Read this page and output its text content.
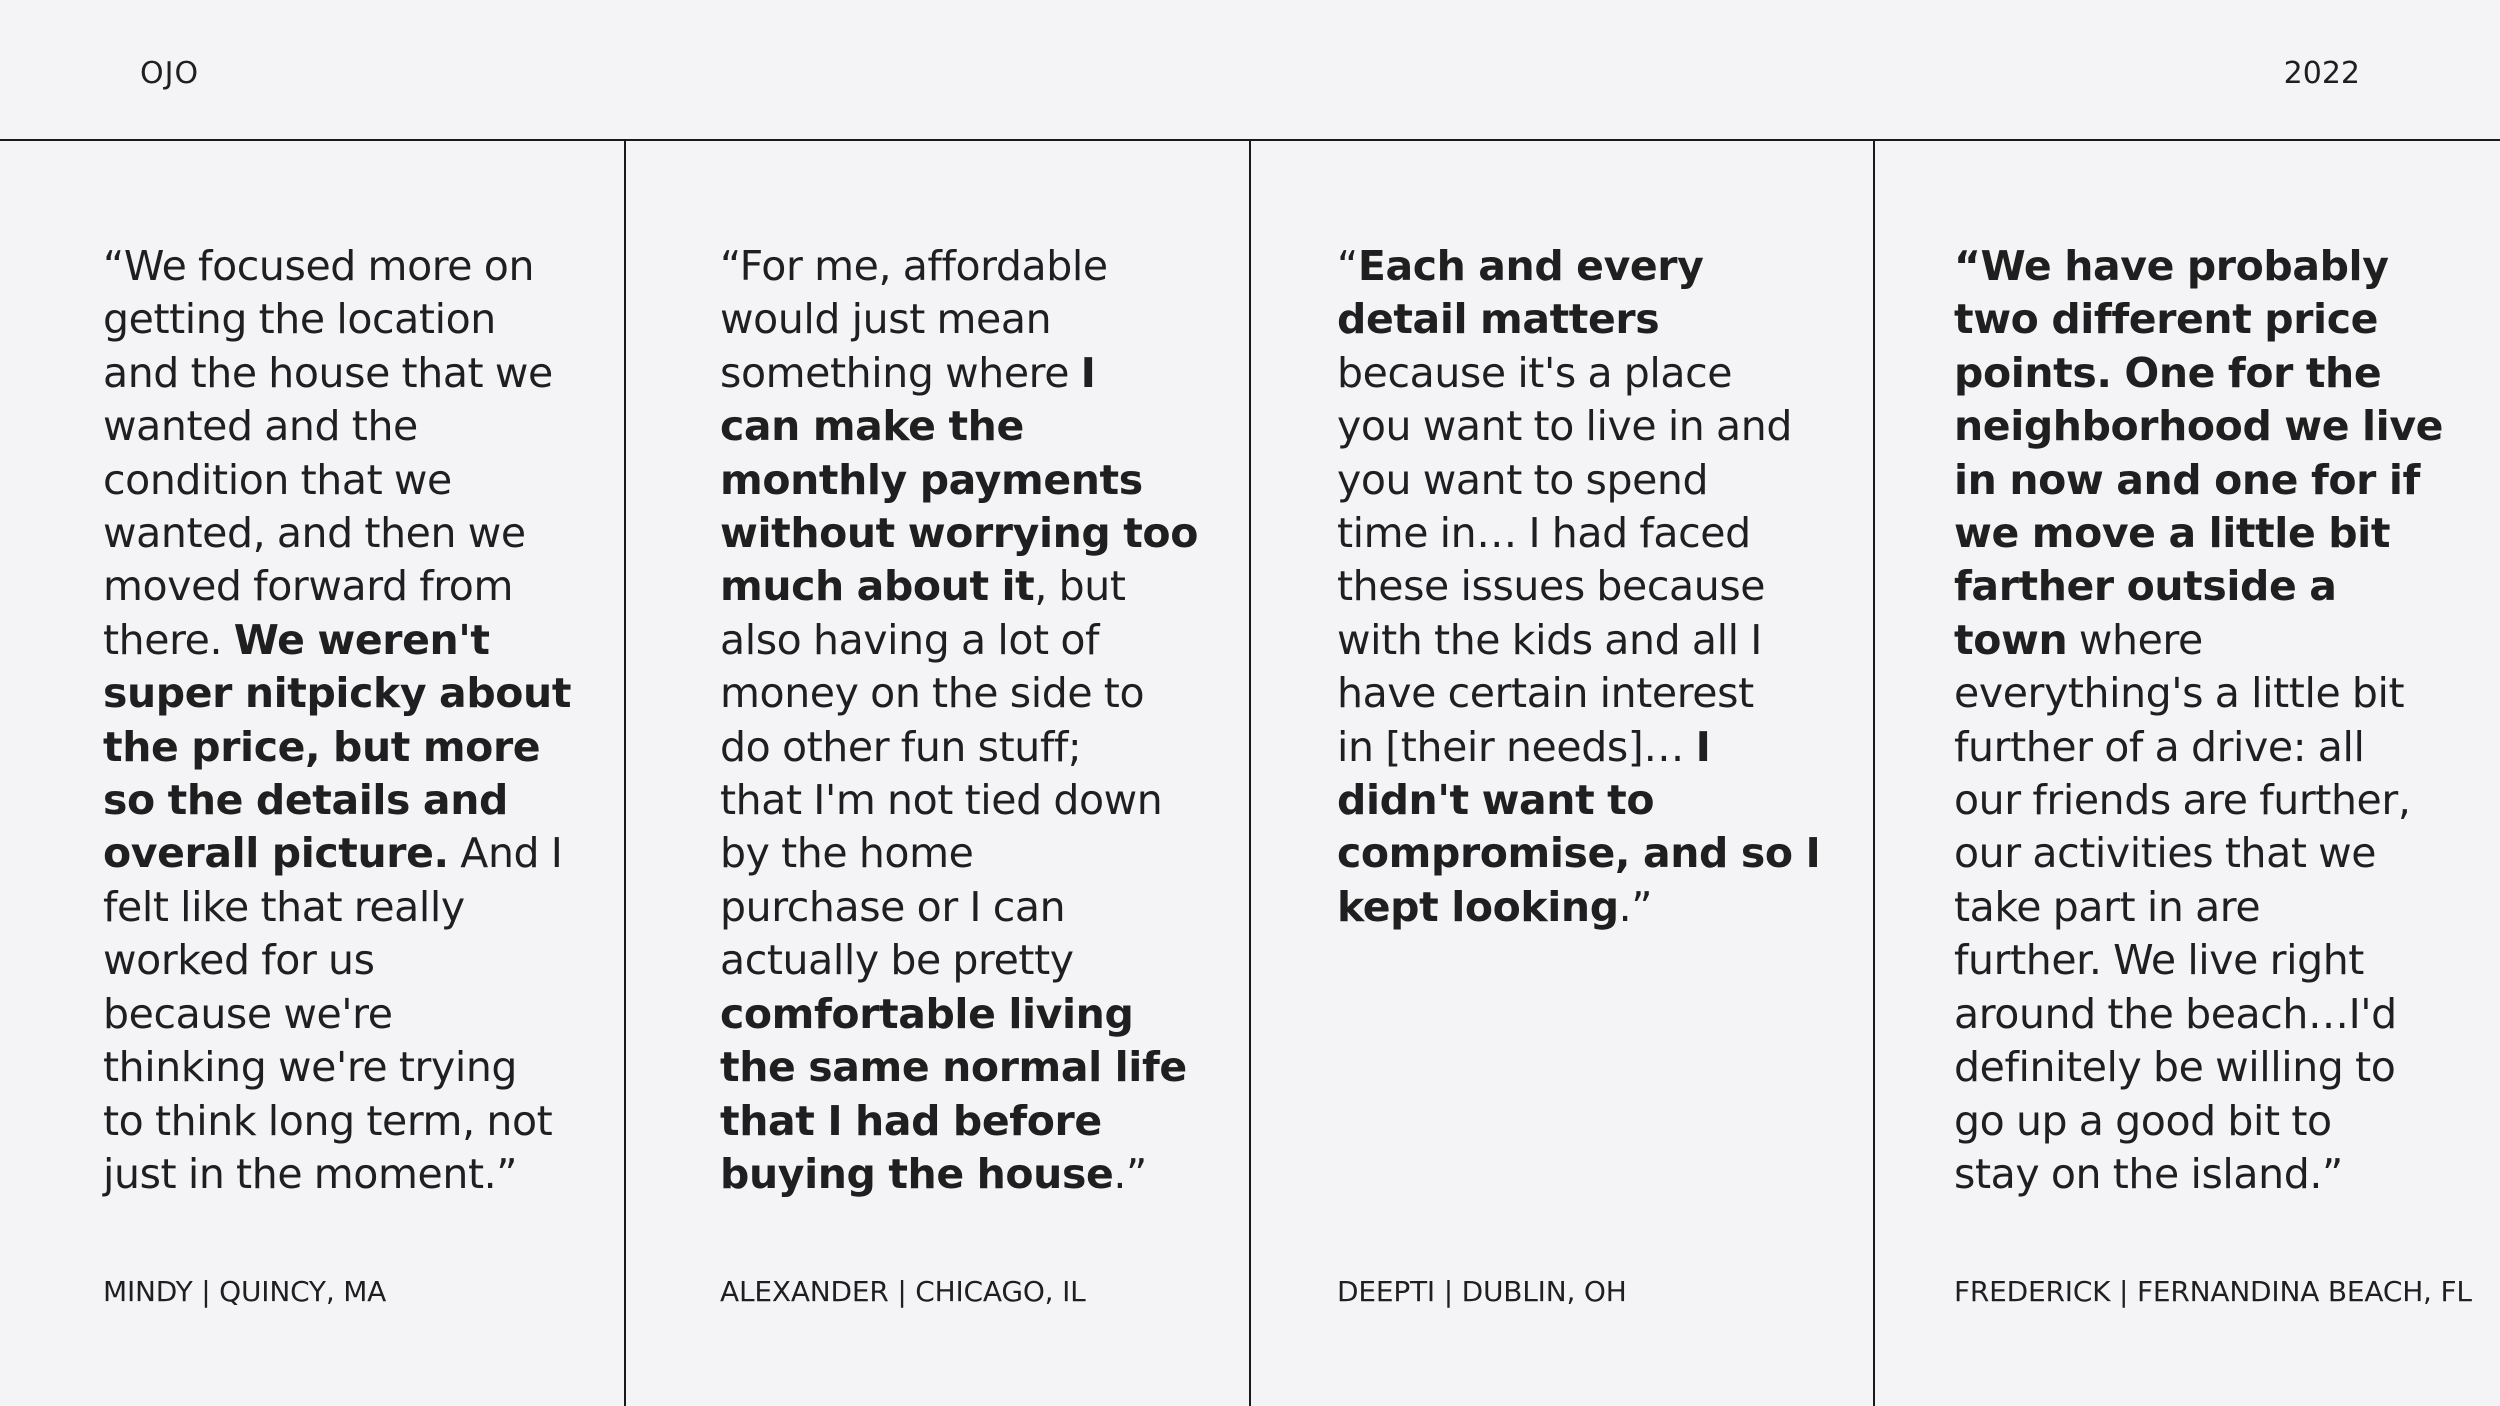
OJO	2022
“We focused more on
getting the location
and the house that we
wanted and the
condition that we
wanted, and then we
moved forward from
there. We weren't
super nitpicky about
the price, but more
so the details and
overall picture. And I
felt like that really
worked for us
because we're
thinking we're trying
to think long term, not
just in the moment.”
MINDY | QUINCY, MA
“For me, affordable
would just mean
something where I
can make the
monthly payments
without worrying too
much about it, but
also having a lot of
money on the side to
do other fun stuff;
that I'm not tied down
by the home
purchase or I can
actually be pretty
comfortable living
the same normal life
that I had before
buying the house.”
ALEXANDER | CHICAGO, IL
“Each and every
detail matters
because it's a place
you want to live in and
you want to spend
time in… I had faced
these issues because
with the kids and all I
have certain interest
in [their needs]… I
didn't want to
compromise, and so I
kept looking.”
DEEPTI | DUBLIN, OH
“We have probably
two different price
points. One for the
neighborhood we live
in now and one for if
we move a little bit
farther outside a
town where
everything's a little bit
further of a drive: all
our friends are further,
our activities that we
take part in are
further. We live right
around the beach…I'd
definitely be willing to
go up a good bit to
stay on the island.”
FREDERICK | FERNANDINA BEACH, FL
